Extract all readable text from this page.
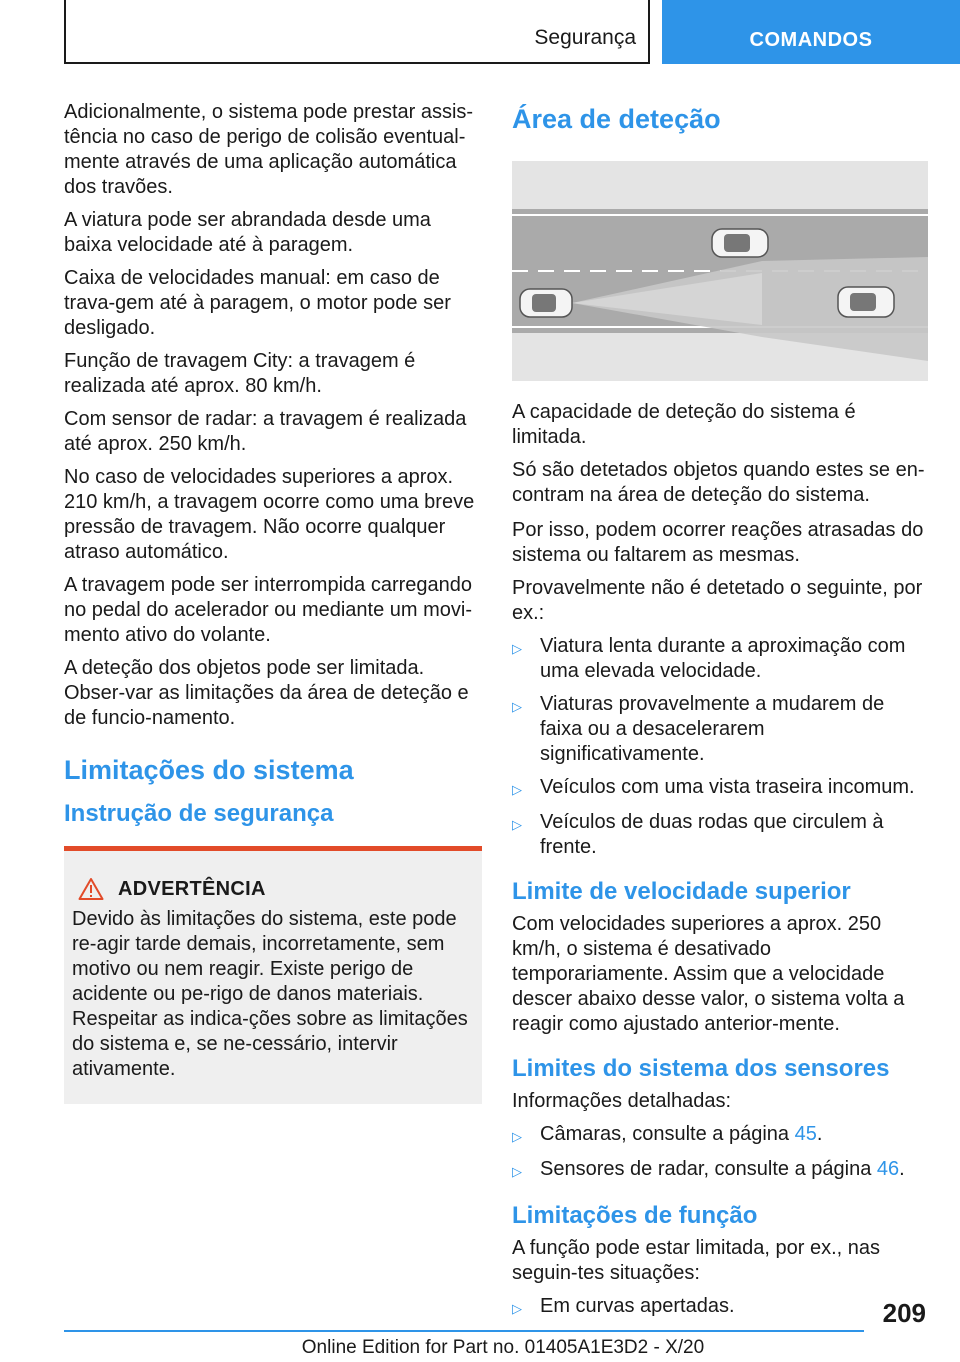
Segurança	COMANDOS

Adicionalmente, o sistema pode prestar assis-tência no caso de perigo de colisão eventual-mente através de uma aplicação automática dos travões.

A viatura pode ser abrandada desde uma baixa velocidade até à paragem.

Caixa de velocidades manual: em caso de trava-gem até à paragem, o motor pode ser desligado.

Função de travagem City: a travagem é realizada até aprox. 80 km/h.

Com sensor de radar: a travagem é realizada até aprox. 250 km/h.

No caso de velocidades superiores a aprox. 210 km/h, a travagem ocorre como uma breve pressão de travagem. Não ocorre qualquer atraso automático.

A travagem pode ser interrompida carregando no pedal do acelerador ou mediante um movi-mento ativo do volante.

A deteção dos objetos pode ser limitada. Obser-var as limitações da área de deteção e de funcio-namento.

Limitações do sistema
Instrução de segurança
ADVERTÊNCIA

Devido às limitações do sistema, este pode re-agir tarde demais, incorretamente, sem motivo ou nem reagir. Existe perigo de acidente ou pe-rigo de danos materiais. Respeitar as indica-ções sobre as limitações do sistema e, se ne-cessário, intervir ativamente.

Área de deteção

A capacidade de deteção do sistema é limitada.

Só são detetados objetos quando estes se en-contram na área de deteção do sistema.

Por isso, podem ocorrer reações atrasadas do sistema ou faltarem as mesmas.

Provavelmente não é detetado o seguinte, por ex.:

▷ Viatura lenta durante a aproximação com uma elevada velocidade.
▷ Viaturas provavelmente a mudarem de faixa ou a desacelerarem significativamente.
▷ Veículos com uma vista traseira incomum.
▷ Veículos de duas rodas que circulem à frente.
Limite de velocidade superior

Com velocidades superiores a aprox. 250 km/h, o sistema é desativado temporariamente. Assim que a velocidade descer abaixo desse valor, o sistema volta a reagir como ajustado anterior-mente.

Limites do sistema dos sensores

Informações detalhadas:

▷ Câmaras, consulte a página 45.
▷ Sensores de radar, consulte a página 46.
Limitações de função

A função pode estar limitada, por ex., nas seguin-tes situações:

▷ Em curvas apertadas.	209
Online Edition for Part no. 01405A1E3D2 - X/20
